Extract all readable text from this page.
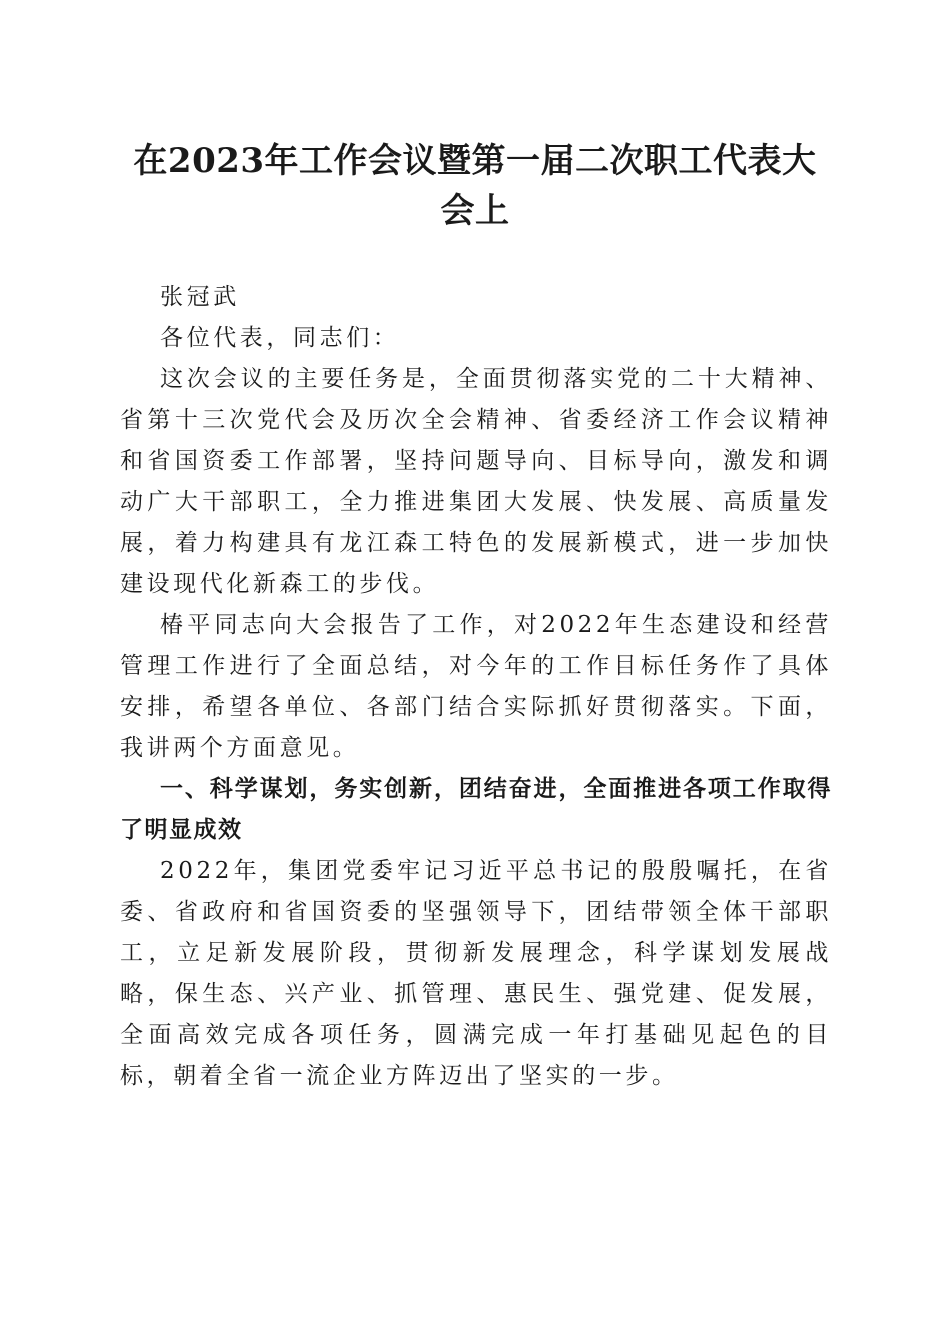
在2023年工作会议暨第一届二次职工代表大会上

张冠武

各位代表，同志们：

这次会议的主要任务是，全面贯彻落实党的二十大精神、省第十三次党代会及历次全会精神、省委经济工作会议精神和省国资委工作部署，坚持问题导向、目标导向，激发和调动广大干部职工，全力推进集团大发展、快发展、高质量发展，着力构建具有龙江森工特色的发展新模式，进一步加快建设现代化新森工的步伐。

椿平同志向大会报告了工作，对2022年生态建设和经营管理工作进行了全面总结，对今年的工作目标任务作了具体安排，希望各单位、各部门结合实际抓好贯彻落实。下面，我讲两个方面意见。

一、科学谋划，务实创新，团结奋进，全面推进各项工作取得了明显成效

2022年，集团党委牢记习近平总书记的殷殷嘱托，在省委、省政府和省国资委的坚强领导下，团结带领全体干部职工，立足新发展阶段，贯彻新发展理念，科学谋划发展战略，保生态、兴产业、抓管理、惠民生、强党建、促发展，全面高效完成各项任务，圆满完成一年打基础见起色的目标，朝着全省一流企业方阵迈出了坚实的一步。
